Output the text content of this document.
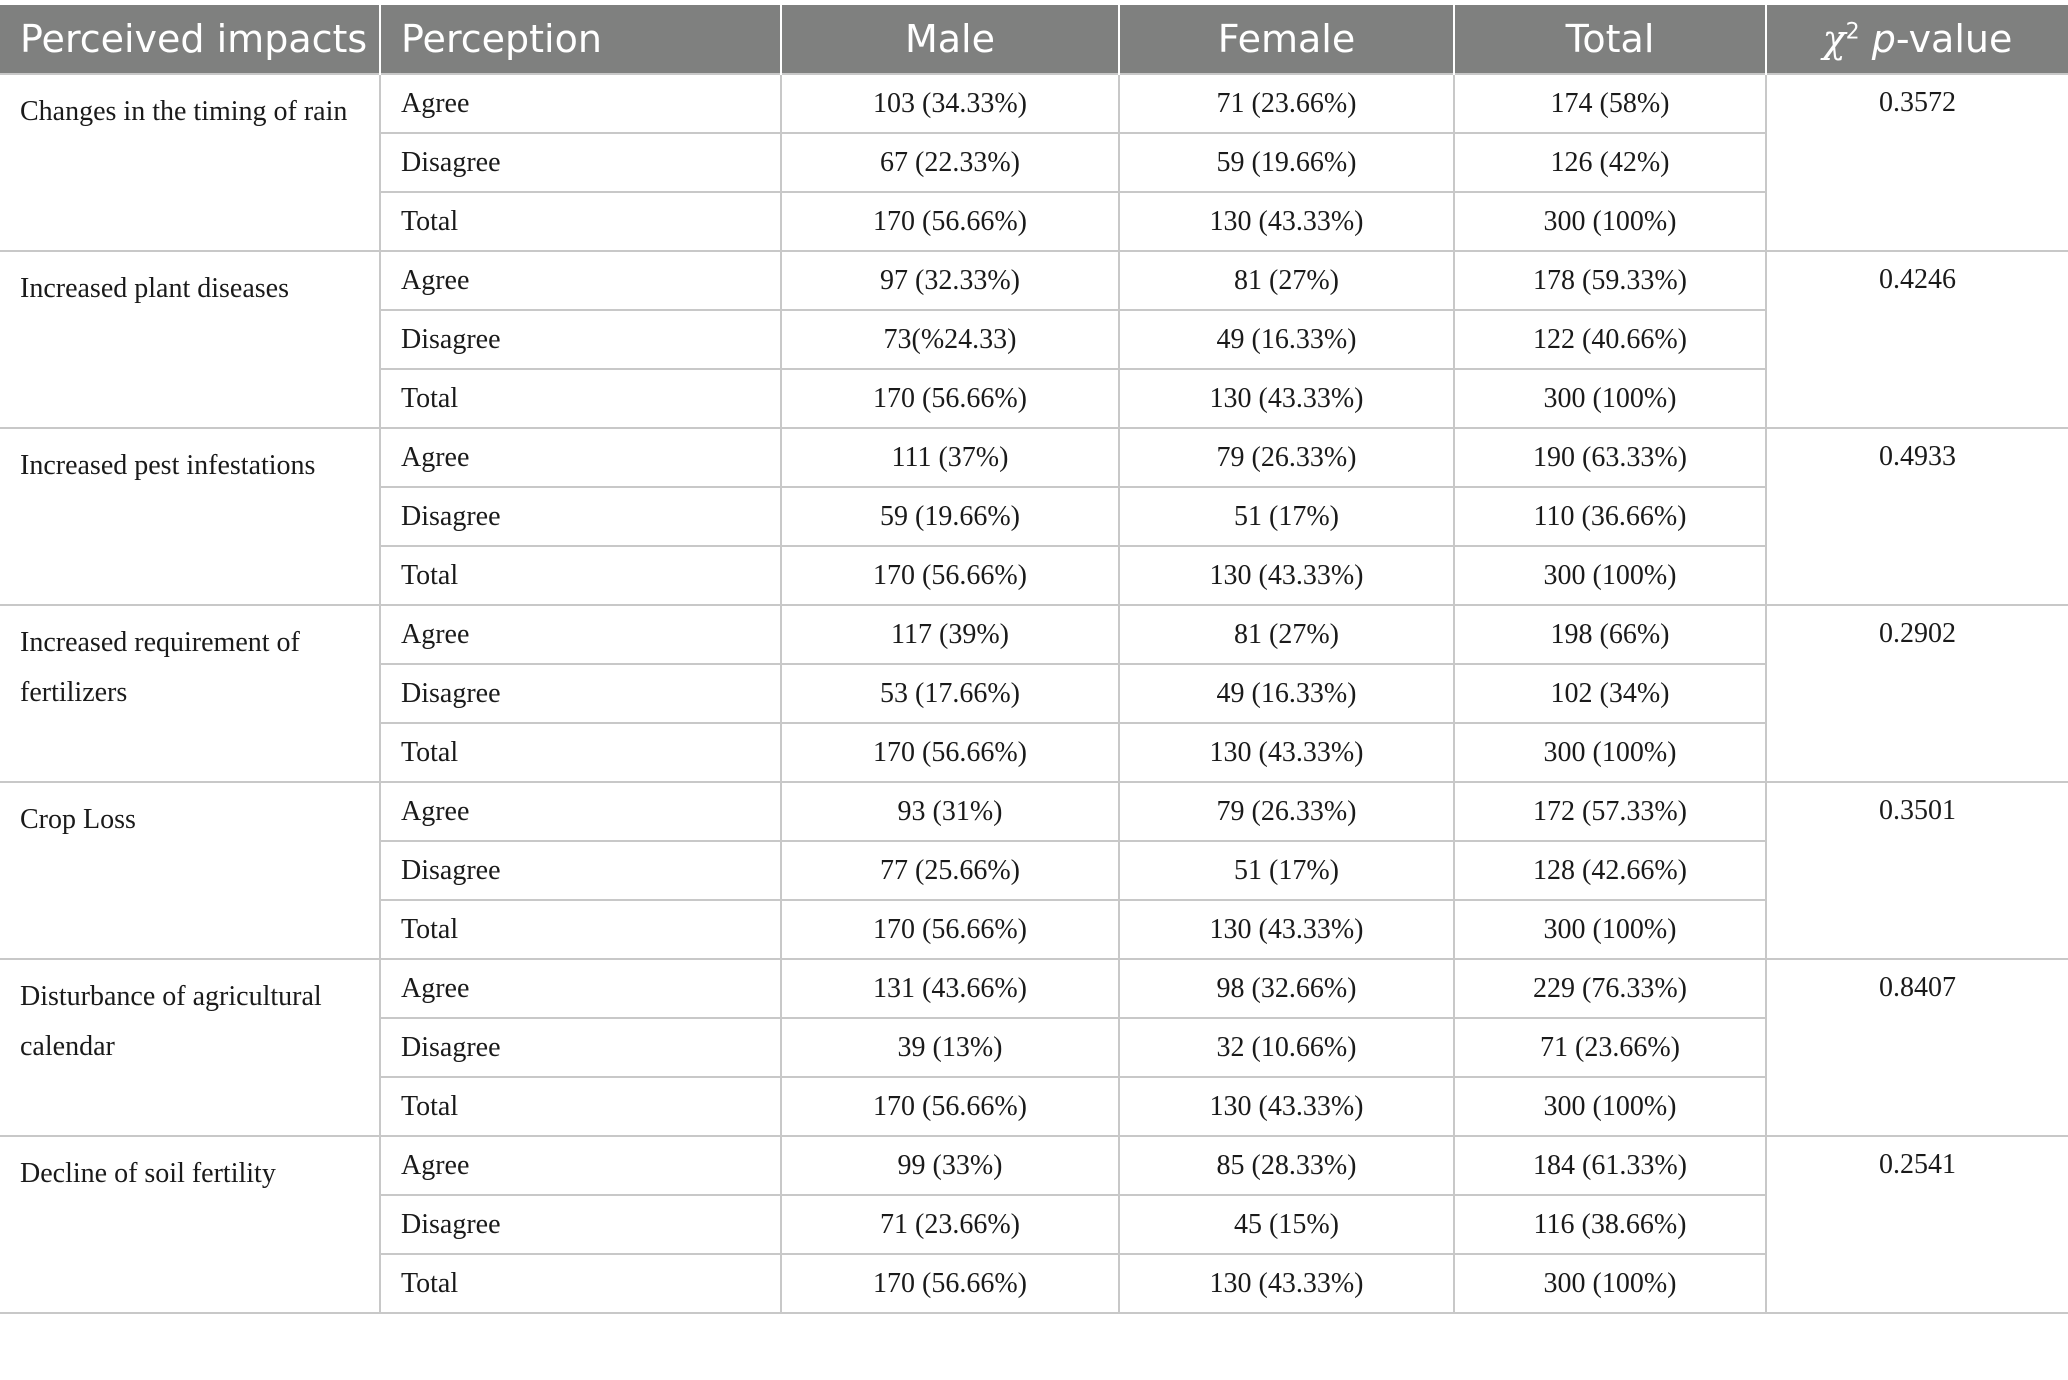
Perceived impacts	Perception	Male	Female	Total	$\chi^2$ p-value
Changes in the timing of rain	Agree	103 (34.33%)	71 (23.66%)	174 (58%)	0.3572
	Disagree	67 (22.33%)	59 (19.66%)	126 (42%)	
	Total	170 (56.66%)	130 (43.33%)	300 (100%)	
Increased plant diseases	Agree	97 (32.33%)	81 (27%)	178 (59.33%)	0.4246
	Disagree	73(%24.33)	49 (16.33%)	122 (40.66%)	
	Total	170 (56.66%)	130 (43.33%)	300 (100%)	
Increased pest infestations	Agree	111 (37%)	79 (26.33%)	190 (63.33%)	0.4933
	Disagree	59 (19.66%)	51 (17%)	110 (36.66%)	
	Total	170 (56.66%)	130 (43.33%)	300 (100%)	
Increased requirement of fertilizers	Agree	117 (39%)	81 (27%)	198 (66%)	0.2902
	Disagree	53 (17.66%)	49 (16.33%)	102 (34%)	
	Total	170 (56.66%)	130 (43.33%)	300 (100%)	
Crop Loss	Agree	93 (31%)	79 (26.33%)	172 (57.33%)	0.3501
	Disagree	77 (25.66%)	51 (17%)	128 (42.66%)	
	Total	170 (56.66%)	130 (43.33%)	300 (100%)	
Disturbance of agricultural calendar	Agree	131 (43.66%)	98 (32.66%)	229 (76.33%)	0.8407
	Disagree	39 (13%)	32 (10.66%)	71 (23.66%)	
	Total	170 (56.66%)	130 (43.33%)	300 (100%)	
Decline of soil fertility	Agree	99 (33%)	85 (28.33%)	184 (61.33%)	0.2541
	Disagree	71 (23.66%)	45 (15%)	116 (38.66%)	
	Total	170 (56.66%)	130 (43.33%)	300 (100%)	
